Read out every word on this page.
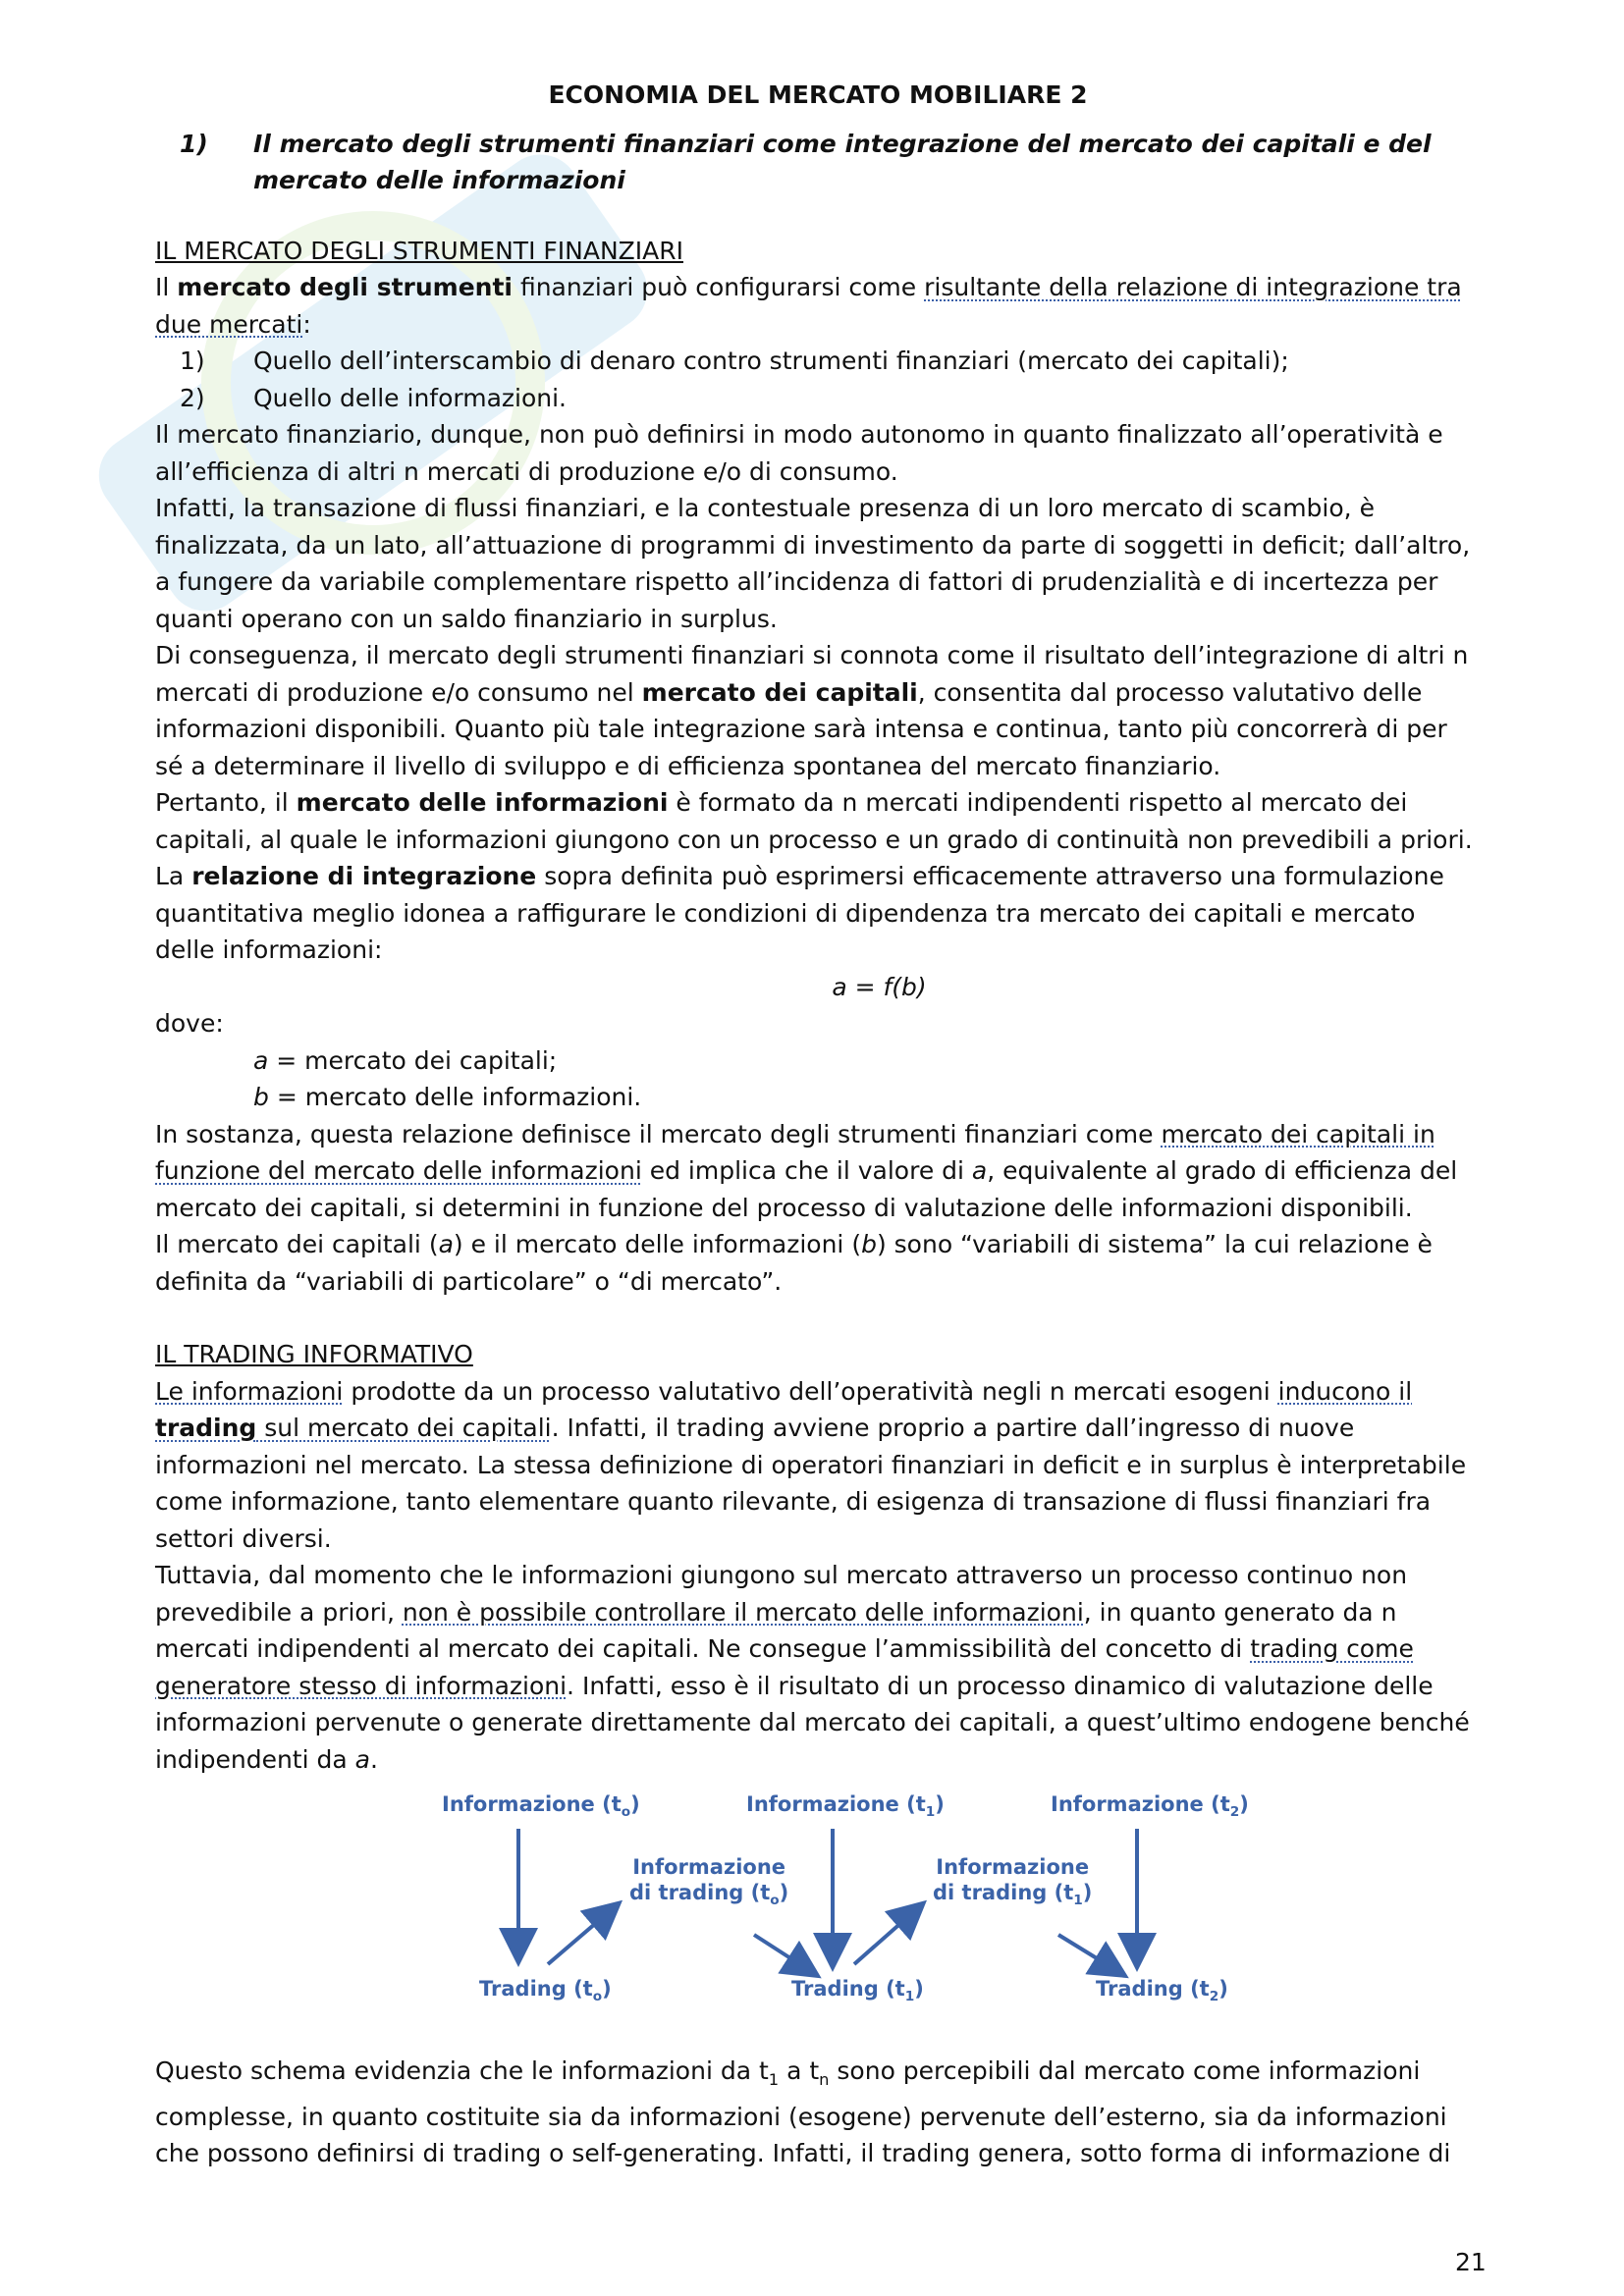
ECONOMIA DEL MERCATO MOBILIARE 2
1)	Il mercato degli strumenti finanziari come integrazione del mercato dei capitali e del mercato delle informazioni
IL MERCATO DEGLI STRUMENTI FINANZIARI

Il mercato degli strumenti finanziari può configurarsi come risultante della relazione di integrazione tra due mercati:

1)	Quello dell’interscambio di denaro contro strumenti finanziari (mercato dei capitali);
2)	Quello delle informazioni.

Il mercato finanziario, dunque, non può definirsi in modo autonomo in quanto finalizzato all’operatività e all’efficienza di altri n mercati di produzione e/o di consumo.

Infatti, la transazione di flussi finanziari, e la contestuale presenza di un loro mercato di scambio, è finalizzata, da un lato, all’attuazione di programmi di investimento da parte di soggetti in deficit; dall’altro, a fungere da variabile complementare rispetto all’incidenza di fattori di prudenzialità e di incertezza per quanti operano con un saldo finanziario in surplus.

Di conseguenza, il mercato degli strumenti finanziari si connota come il risultato dell’integrazione di altri n mercati di produzione e/o consumo nel mercato dei capitali, consentita dal processo valutativo delle informazioni disponibili. Quanto più tale integrazione sarà intensa e continua, tanto più concorrerà di per sé a determinare il livello di sviluppo e di efficienza spontanea del mercato finanziario.

Pertanto, il mercato delle informazioni è formato da n mercati indipendenti rispetto al mercato dei capitali, al quale le informazioni giungono con un processo e un grado di continuità non prevedibili a priori.

La relazione di integrazione sopra definita può esprimersi efficacemente attraverso una formulazione quantitativa meglio idonea a raffigurare le condizioni di dipendenza tra mercato dei capitali e mercato delle informazioni:

a = f(b)

dove:

a = mercato dei capitali;

b = mercato delle informazioni.

In sostanza, questa relazione definisce il mercato degli strumenti finanziari come mercato dei capitali in funzione del mercato delle informazioni ed implica che il valore di a, equivalente al grado di efficienza del mercato dei capitali, si determini in funzione del processo di valutazione delle informazioni disponibili.

Il mercato dei capitali (a) e il mercato delle informazioni (b) sono “variabili di sistema” la cui relazione è definita da “variabili di particolare” o “di mercato”.

IL TRADING INFORMATIVO

Le informazioni prodotte da un processo valutativo dell’operatività negli n mercati esogeni inducono il trading sul mercato dei capitali. Infatti, il trading avviene proprio a partire dall’ingresso di nuove informazioni nel mercato. La stessa definizione di operatori finanziari in deficit e in surplus è interpretabile come informazione, tanto elementare quanto rilevante, di esigenza di transazione di flussi finanziari fra settori diversi.

Tuttavia, dal momento che le informazioni giungono sul mercato attraverso un processo continuo non prevedibile a priori, non è possibile controllare il mercato delle informazioni, in quanto generato da n mercati indipendenti al mercato dei capitali. Ne consegue l’ammissibilità del concetto di trading come generatore stesso di informazioni. Infatti, esso è il risultato di un processo dinamico di valutazione delle informazioni pervenute o generate direttamente dal mercato dei capitali, a quest’ultimo endogene benché indipendenti da a.

Informazione $(t_o)$	Informazione $(t_1)$	Informazione $(t_2)$
Informazione
di trading $(t_o)$
Informazione
di trading $(t_1)$
Trading $(t_o)$	Trading $(t_1)$	Trading $(t_2)$

Questo schema evidenzia che le informazioni da $t_1$ a $t_n$ sono percepibili dal mercato come informazioni complesse, in quanto costituite sia da informazioni (esogene) pervenute dell’esterno, sia da informazioni che possono definirsi di trading o self-generating. Infatti, il trading genera, sotto forma di informazione di

21
